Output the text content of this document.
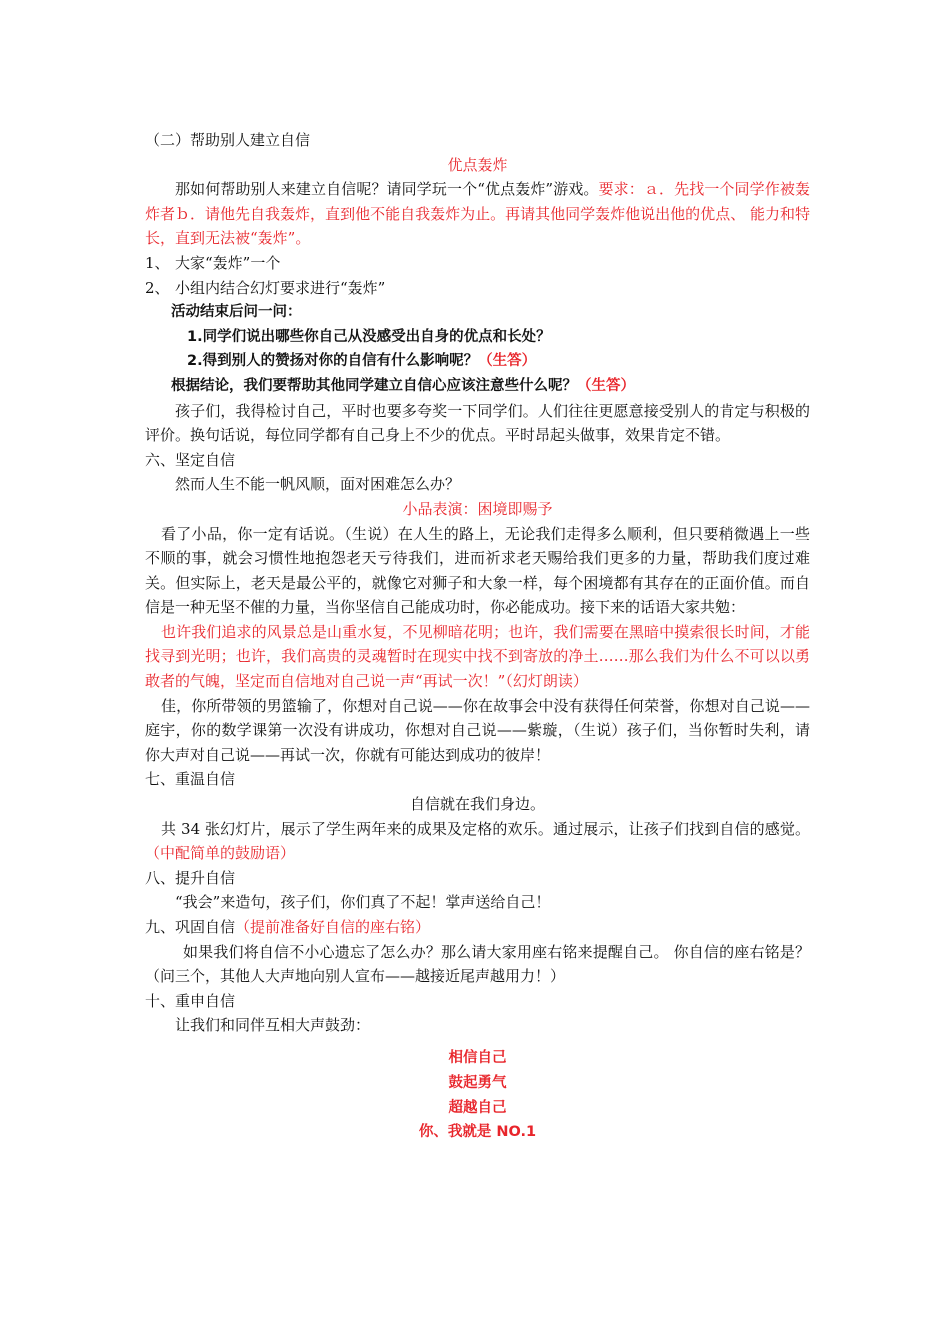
（二）帮助别人建立自信

优点轰炸

那如何帮助别人来建立自信呢？请同学玩一个“优点轰炸”游戏。要求：ａ．先找一个同学作被轰炸者ｂ．请他先自我轰炸，直到他不能自我轰炸为止。再请其他同学轰炸他说出他的优点、 能力和特长，直到无法被“轰炸”。

1、 大家“轰炸”一个

2、 小组内结合幻灯要求进行“轰炸”

活动结束后问一问：

1.同学们说出哪些你自己从没感受出自身的优点和长处？

2.得到别人的赞扬对你的自信有什么影响呢？（生答）

根据结论，我们要帮助其他同学建立自信心应该注意些什么呢？（生答）

孩子们，我得检讨自己，平时也要多夸奖一下同学们。人们往往更愿意接受别人的肯定与积极的评价。换句话说，每位同学都有自己身上不少的优点。平时昂起头做事，效果肯定不错。

六、坚定自信

然而人生不能一帆风顺，面对困难怎么办？

小品表演：困境即赐予

看了小品，你一定有话说。（生说）在人生的路上，无论我们走得多么顺利，但只要稍微遇上一些不顺的事，就会习惯性地抱怨老天亏待我们，进而祈求老天赐给我们更多的力量，帮助我们度过难关。但实际上，老天是最公平的，就像它对狮子和大象一样，每个困境都有其存在的正面价值。而自信是一种无坚不催的力量，当你坚信自己能成功时，你必能成功。接下来的话语大家共勉：

也许我们追求的风景总是山重水复，不见柳暗花明；也许，我们需要在黑暗中摸索很长时间，才能找寻到光明；也许，我们高贵的灵魂暂时在现实中找不到寄放的净土……那么我们为什么不可以以勇敢者的气魄，坚定而自信地对自己说一声“再试一次！”（幻灯朗读）

佳，你所带领的男篮输了，你想对自己说——你在故事会中没有获得任何荣誉，你想对自己说——庭宇，你的数学课第一次没有讲成功，你想对自己说——紫璇，（生说）孩子们，当你暂时失利，请你大声对自己说——再试一次，你就有可能达到成功的彼岸！

七、重温自信

自信就在我们身边。

共 34 张幻灯片，展示了学生两年来的成果及定格的欢乐。通过展示，让孩子们找到自信的感觉。（中配简单的鼓励语）

八、提升自信

“我会”来造句，孩子们，你们真了不起！掌声送给自己！

九、巩固自信（提前准备好自信的座右铭）

如果我们将自信不小心遗忘了怎么办？那么请大家用座右铭来提醒自己。 你自信的座右铭是？（问三个，其他人大声地向别人宣布——越接近尾声越用力！）

十、重申自信

让我们和同伴互相大声鼓劲：

相信自己
鼓起勇气
超越自己
你、我就是 NO.1
